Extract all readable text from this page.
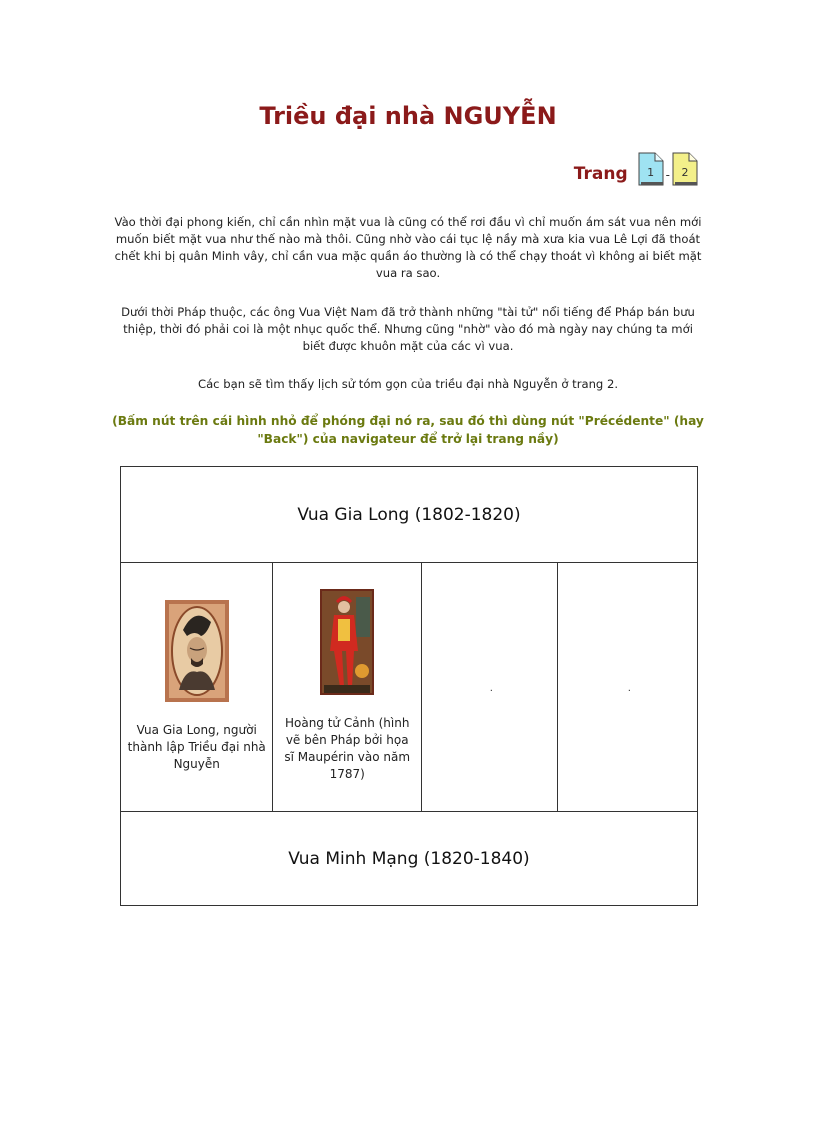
Triều đại nhà NGUYỄN
Trang 1 - 2
Vào thời đại phong kiến, chỉ cần nhìn mặt vua là cũng có thể rơi đầu vì chỉ muốn ám sát vua nên mới muốn biết mặt vua như thế nào mà thôi. Cũng nhờ vào cái tục lệ nầy mà xưa kia vua Lê Lợi đã thoát chết khi bị quân Minh vây, chỉ cần vua mặc quần áo thường là có thể chạy thoát vì không ai biết mặt vua ra sao.
Dưới thời Pháp thuộc, các ông Vua Việt Nam đã trở thành những "tài tử" nổi tiếng để Pháp bán bưu thiệp, thời đó phải coi là một nhục quốc thể. Nhưng cũng "nhờ" vào đó mà ngày nay chúng ta mới biết được khuôn mặt của các vì vua.
Các bạn sẽ tìm thấy lịch sử tóm gọn của triều đại nhà Nguyễn ở trang 2.
(Bấm nút trên cái hình nhỏ để phóng đại nó ra, sau đó thì dùng nút "Précédente" (hay "Back") của navigateur để trở lại trang nầy)
Vua Gia Long (1802-1820)
Vua Gia Long, người thành lập Triều đại nhà Nguyễn
Hoàng tử Cảnh (hình vẽ bên Pháp bởi họa sĩ Maupérin vào năm 1787)
.	.
Vua Minh Mạng (1820-1840)
